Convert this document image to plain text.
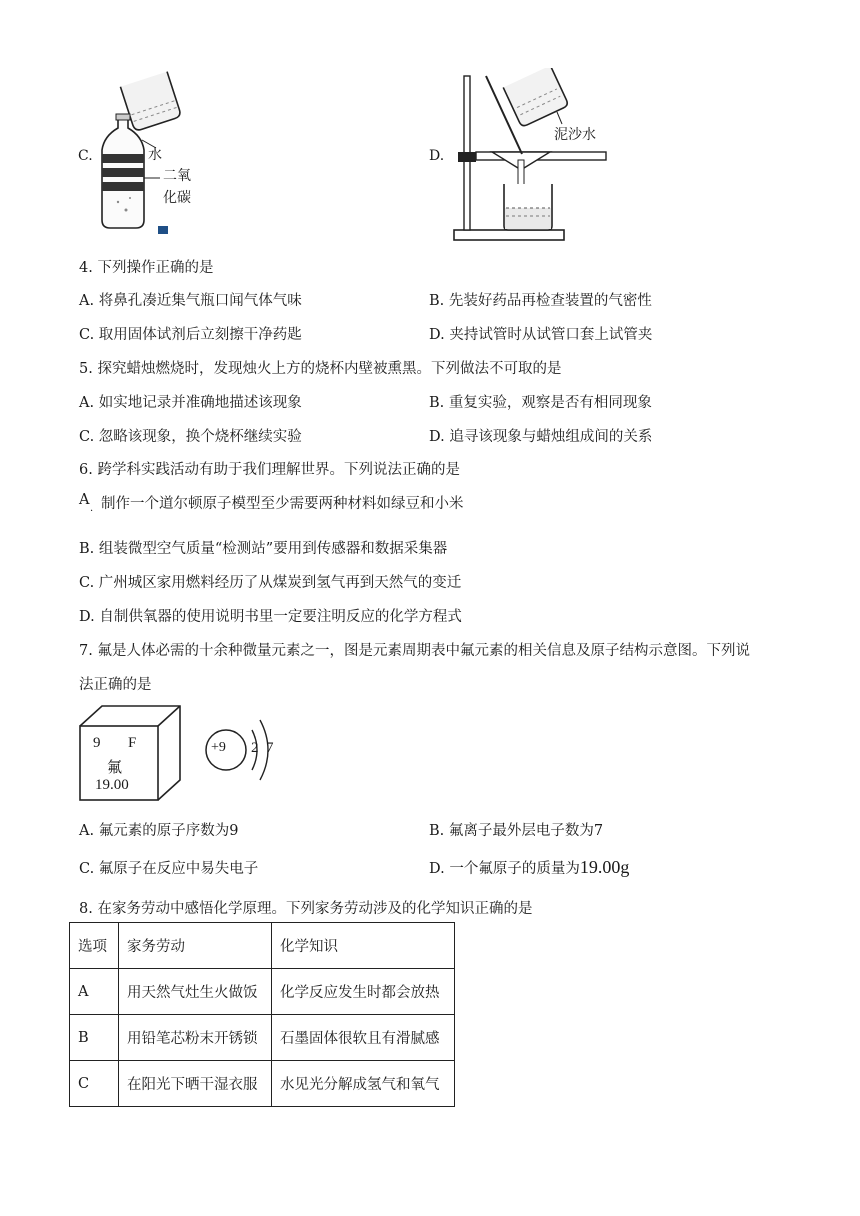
C.	水
二氧
化碳
D.
泥沙水
4. 下列操作正确的是
A. 将鼻孔凑近集气瓶口闻气体气味	B. 先装好药品再检查装置的气密性
C. 取用固体试剂后立刻擦干净药匙	D. 夹持试管时从试管口套上试管夹
5. 探究蜡烛燃烧时，发现烛火上方的烧杯内壁被熏黑。下列做法不可取的是
A. 如实地记录并准确地描述该现象	B. 重复实验，观察是否有相同现象
C. 忽略该现象，换个烧杯继续实验	D. 追寻该现象与蜡烛组成间的关系
6. 跨学科实践活动有助于我们理解世界。下列说法正确的是
A
· 制作一个道尔顿原子模型至少需要两种材料如绿豆和小米
B. 组装微型空气质量“检测站”要用到传感器和数据采集器
C. 广州城区家用燃料经历了从煤炭到氢气再到天然气的变迁
D. 自制供氧器的使用说明书里一定要注明反应的化学方程式
7. 氟是人体必需的十余种微量元素之一，图是元素周期表中氟元素的相关信息及原子结构示意图。下列说
法正确的是
9 F
氟
19.00
+9 2 7
A. 氟元素的原子序数为9	B. 氟离子最外层电子数为7
C. 氟原子在反应中易失电子	D. 一个氟原子的质量为19.00g
8. 在家务劳动中感悟化学原理。下列家务劳动涉及的化学知识正确的是
选项	家务劳动	化学知识
A	用天然气灶生火做饭	化学反应发生时都会放热
B	用铅笔芯粉末开锈锁	石墨固体很软且有滑腻感
C	在阳光下晒干湿衣服	水见光分解成氢气和氧气
